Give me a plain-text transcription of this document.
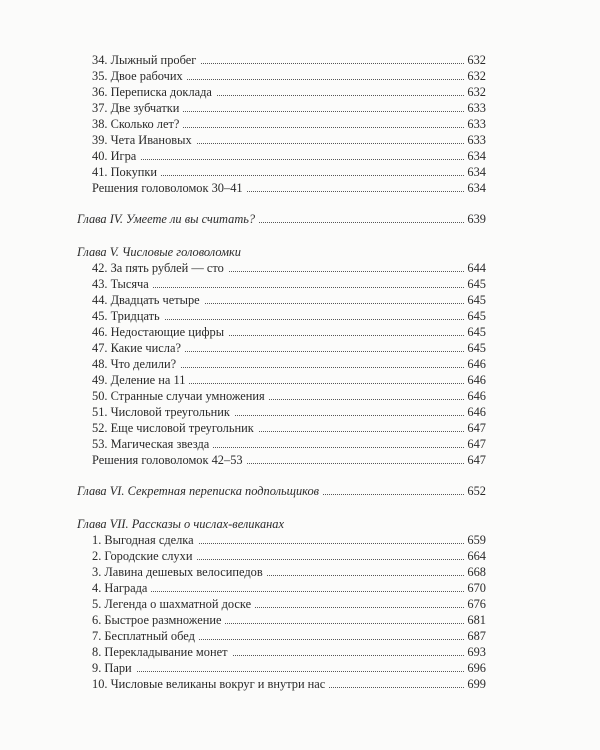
34. Лыжный пробег	632
35. Двое рабочих	632
36. Переписка доклада	632
37. Две зубчатки	633
38. Сколько лет?	633
39. Чета Ивановых	633
40. Игра	634
41. Покупки	634
Решения головоломок 30–41	634
Глава IV. Умеете ли вы считать?	639
Глава V. Числовые головоломки
42. За пять рублей — сто	644
43. Тысяча	645
44. Двадцать четыре	645
45. Тридцать	645
46. Недостающие цифры	645
47. Какие числа?	645
48. Что делили?	646
49. Деление на 11	646
50. Странные случаи умножения	646
51. Числовой треугольник	646
52. Еще числовой треугольник	647
53. Магическая звезда	647
Решения головоломок 42–53	647
Глава VI. Секретная переписка подпольщиков	652
Глава VII. Рассказы о числах-великанах
1. Выгодная сделка	659
2. Городские слухи	664
3. Лавина дешевых велосипедов	668
4. Награда	670
5. Легенда о шахматной доске	676
6. Быстрое размножение	681
7. Бесплатный обед	687
8. Перекладывание монет	693
9. Пари	696
10. Числовые великаны вокруг и внутри нас	699
